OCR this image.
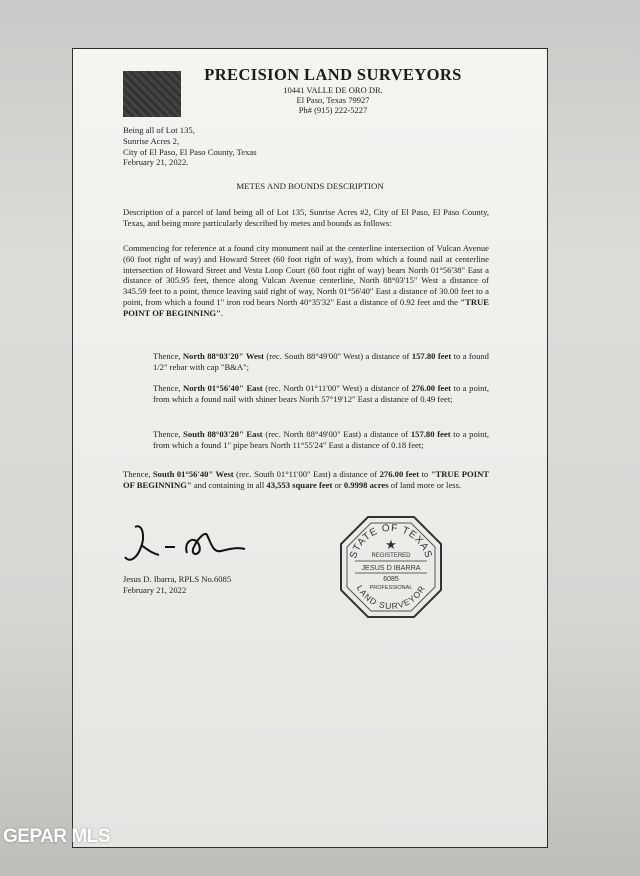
PRECISION LAND SURVEYORS
10441 VALLE DE ORO DR.
El Paso, Texas 79927
Ph# (915) 222-5227
Being all of Lot 135,
Sunrise Acres 2,
City of El Paso, El Paso County, Texas
February 21, 2022.
METES AND BOUNDS DESCRIPTION
Description of a parcel of land being all of Lot 135, Sunrise Acres #2, City of El Paso, El Paso County, Texas, and being more particularly described by metes and bounds as follows:
Commencing for reference at a found city monument nail at the centerline intersection of Vulcan Avenue (60 foot right of way) and Howard Street (60 foot right of way), from which a found nail at centerline intersection of Howard Street and Vesta Loop Court (60 foot right of way) bears North 01°56'38" East a distance of 305.95 feet, thence along Vulcan Avenue centerline, North 88°03'15" West a distance of 345.59 feet to a point, thence leaving said right of way, North 01°56'40" East a distance of 30.00 feet to a point, from which a found 1" iron rod bears North 40°35'32" East a distance of 0.92 feet and the "TRUE POINT OF BEGINNING".
Thence, North 88°03'20" West (rec. South 88°49'00" West) a distance of 157.80 feet to a found 1/2" rebar with cap "B&A";
Thence, North 01°56'40" East (rec. North 01°11'00" West) a distance of 276.00 feet to a point, from which a found nail with shiner bears North 57°19'12" East a distance of 0.49 feet;
Thence, South 88°03'20" East (rec. North 88°49'00" East) a distance of 157.80 feet to a point, from which a found 1" pipe bears North 11°55'24" East a distance of 0.18 feet;
Thence, South 01°56'40" West (rec. South 01°11'00" East) a distance of 276.00 feet to "TRUE POINT OF BEGINNING" and containing in all 43,553 square feet or 0.9998 acres of land more or less.
Jesus D. Ibarra, RPLS No.6085
February 21, 2022
STATE OF TEXAS
LAND SURVEYOR
★
REGISTERED
JESUS D IBARRA
6085
PROFESSIONAL
GEPAR MLS
